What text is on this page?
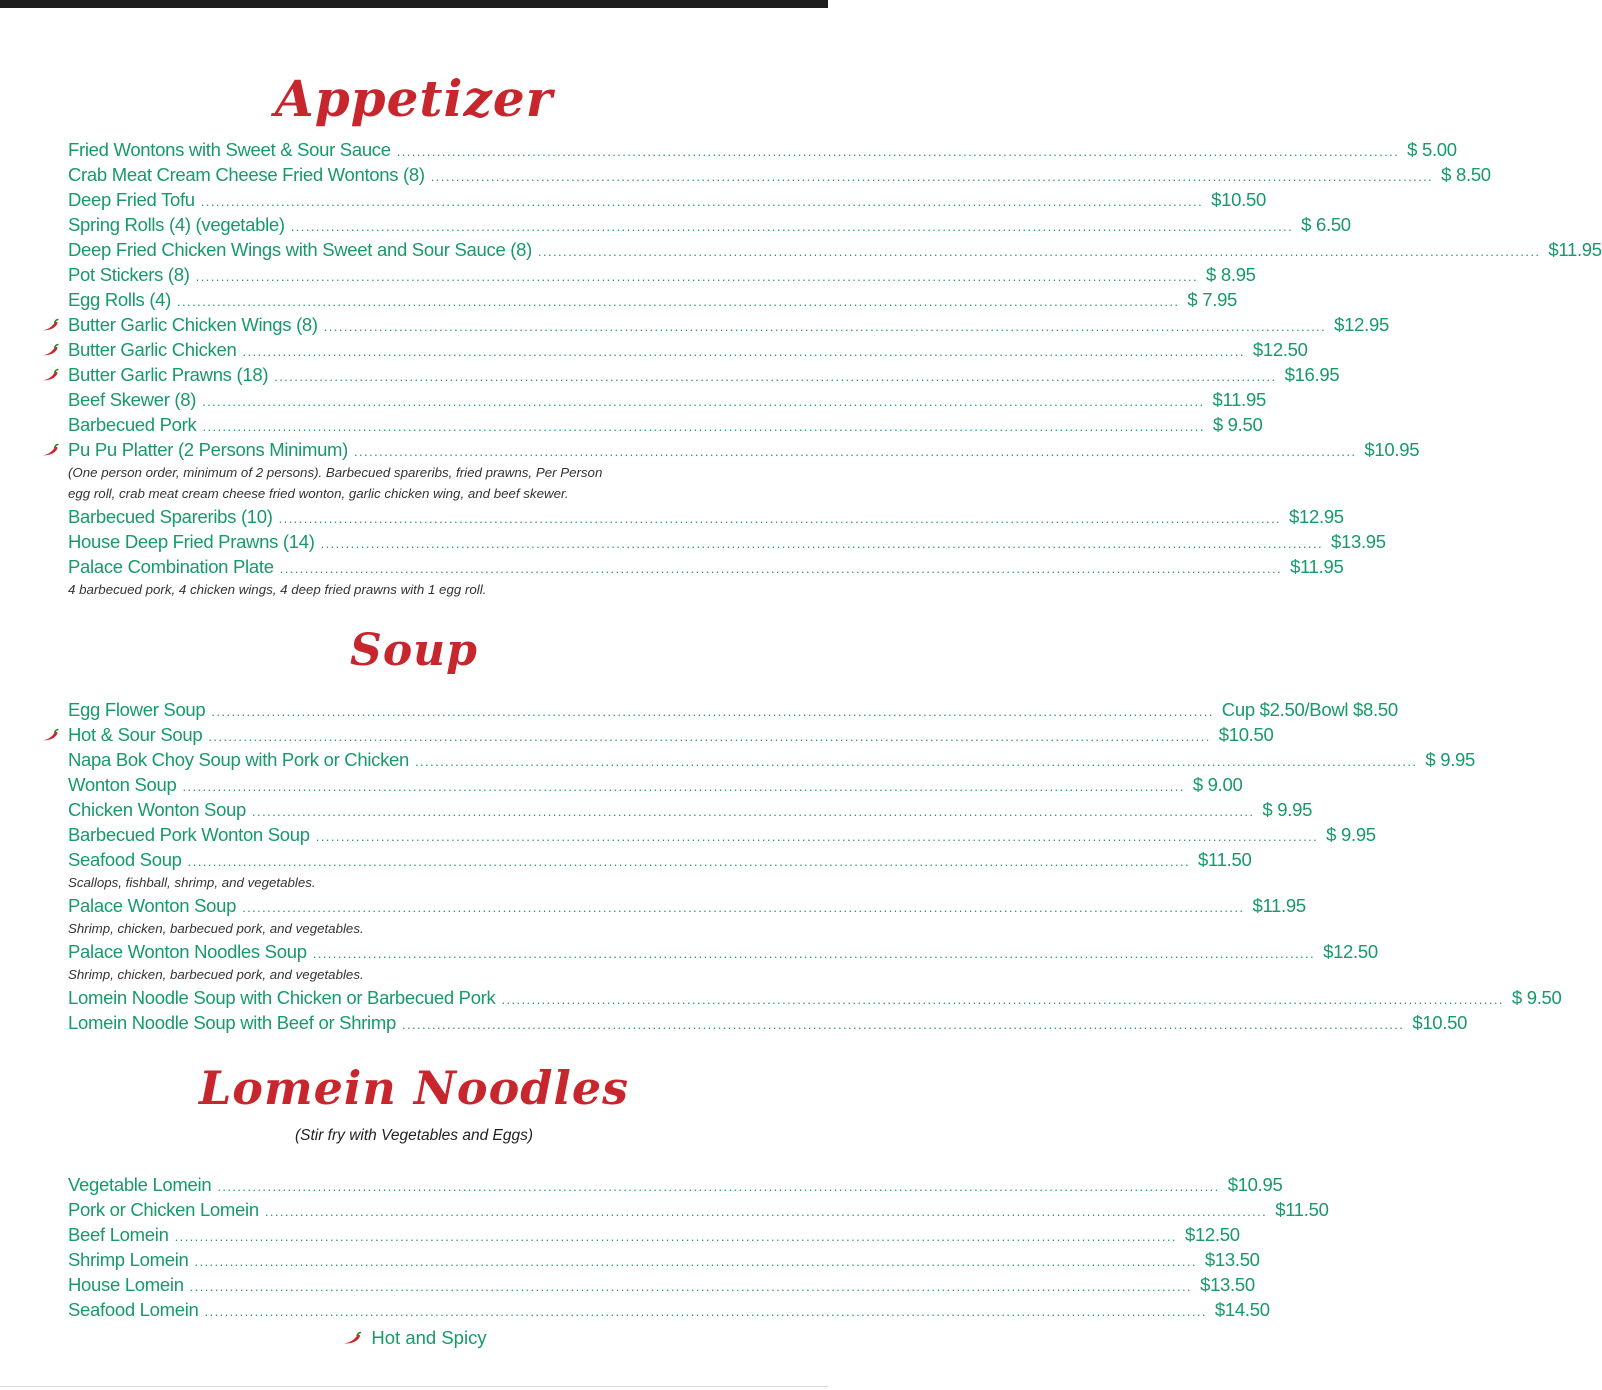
Appetizer
Fried Wontons with Sweet & Sour Sauce ........................................................................................................................................................................................................ $ 5.00
Crab Meat Cream Cheese Fried Wontons (8) ........................................................................................................................................................................................................ $ 8.50
Deep Fried Tofu ........................................................................................................................................................................................................ $10.50
Spring Rolls (4) (vegetable) ........................................................................................................................................................................................................ $ 6.50
Deep Fried Chicken Wings with Sweet and Sour Sauce (8) ........................................................................................................................................................................................................ $11.95
Pot Stickers (8) ........................................................................................................................................................................................................ $ 8.95
Egg Rolls (4) ........................................................................................................................................................................................................ $ 7.95
Butter Garlic Chicken Wings (8) ........................................................................................................................................................................................................ $12.95
Butter Garlic Chicken ........................................................................................................................................................................................................ $12.50
Butter Garlic Prawns (18) ........................................................................................................................................................................................................ $16.95
Beef Skewer (8) ........................................................................................................................................................................................................ $11.95
Barbecued Pork ........................................................................................................................................................................................................ $ 9.50
Pu Pu Platter (2 Persons Minimum) ........................................................................................................................................................................................................ $10.95
(One person order, minimum of 2 persons). Barbecued spareribs, fried prawns, Per Person
egg roll, crab meat cream cheese fried wonton, garlic chicken wing, and beef skewer.
Barbecued Spareribs (10) ........................................................................................................................................................................................................ $12.95
House Deep Fried Prawns (14) ........................................................................................................................................................................................................ $13.95
Palace Combination Plate ........................................................................................................................................................................................................ $11.95
4 barbecued pork, 4 chicken wings, 4 deep fried prawns with 1 egg roll.
Soup
Egg Flower Soup ........................................................................................................................................................................................................ Cup $2.50/Bowl $8.50
Hot & Sour Soup ........................................................................................................................................................................................................ $10.50
Napa Bok Choy Soup with Pork or Chicken ........................................................................................................................................................................................................ $ 9.95
Wonton Soup ........................................................................................................................................................................................................ $ 9.00
Chicken Wonton Soup ........................................................................................................................................................................................................ $ 9.95
Barbecued Pork Wonton Soup ........................................................................................................................................................................................................ $ 9.95
Seafood Soup ........................................................................................................................................................................................................ $11.50
Scallops, fishball, shrimp, and vegetables.
Palace Wonton Soup ........................................................................................................................................................................................................ $11.95
Shrimp, chicken, barbecued pork, and vegetables.
Palace Wonton Noodles Soup ........................................................................................................................................................................................................ $12.50
Shrimp, chicken, barbecued pork, and vegetables.
Lomein Noodle Soup with Chicken or Barbecued Pork ........................................................................................................................................................................................................ $ 9.50
Lomein Noodle Soup with Beef or Shrimp ........................................................................................................................................................................................................ $10.50
Lomein Noodles
(Stir fry with Vegetables and Eggs)
Vegetable Lomein ........................................................................................................................................................................................................ $10.95
Pork or Chicken Lomein ........................................................................................................................................................................................................ $11.50
Beef Lomein ........................................................................................................................................................................................................ $12.50
Shrimp Lomein ........................................................................................................................................................................................................ $13.50
House Lomein ........................................................................................................................................................................................................ $13.50
Seafood Lomein ........................................................................................................................................................................................................ $14.50
Hot and Spicy
